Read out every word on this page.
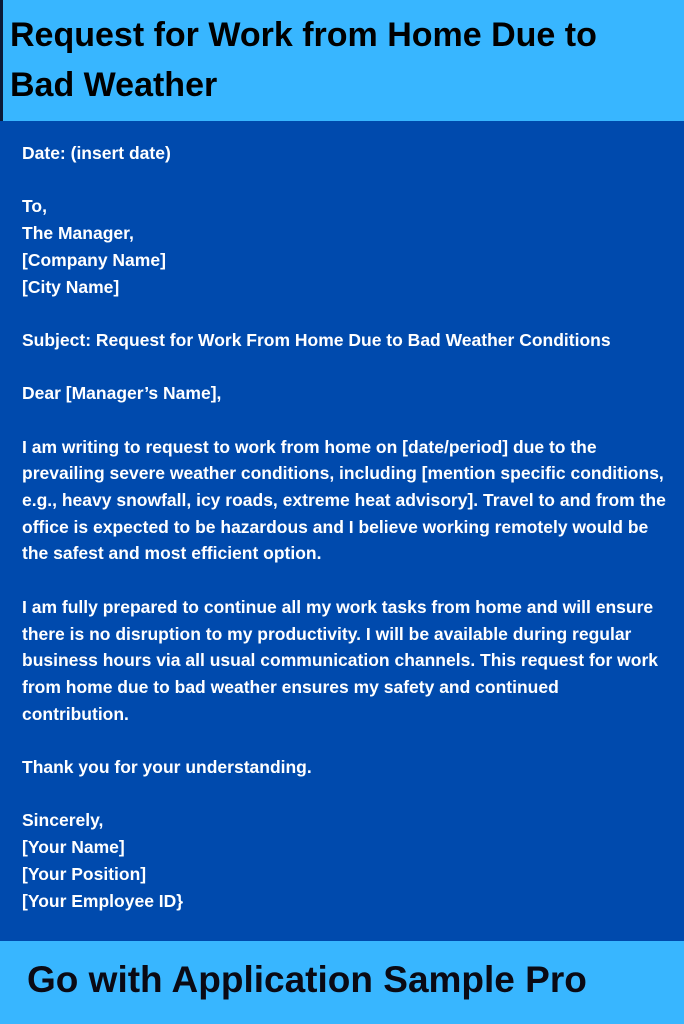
Request for Work from Home Due to Bad Weather

Date: (insert date)

To,
The Manager,
[Company Name]
[City Name]

Subject: Request for Work From Home Due to Bad Weather Conditions

Dear [Manager’s Name],

I am writing to request to work from home on [date/period] due to the prevailing severe weather conditions, including [mention specific conditions, e.g., heavy snowfall, icy roads, extreme heat advisory]. Travel to and from the office is expected to be hazardous and I believe working remotely would be the safest and most efficient option.

I am fully prepared to continue all my work tasks from home and will ensure there is no disruption to my productivity. I will be available during regular business hours via all usual communication channels. This request for work from home due to bad weather ensures my safety and continued contribution.

Thank you for your understanding.

Sincerely,
[Your Name]
[Your Position]
[Your Employee ID}

Go with Application Sample Pro
